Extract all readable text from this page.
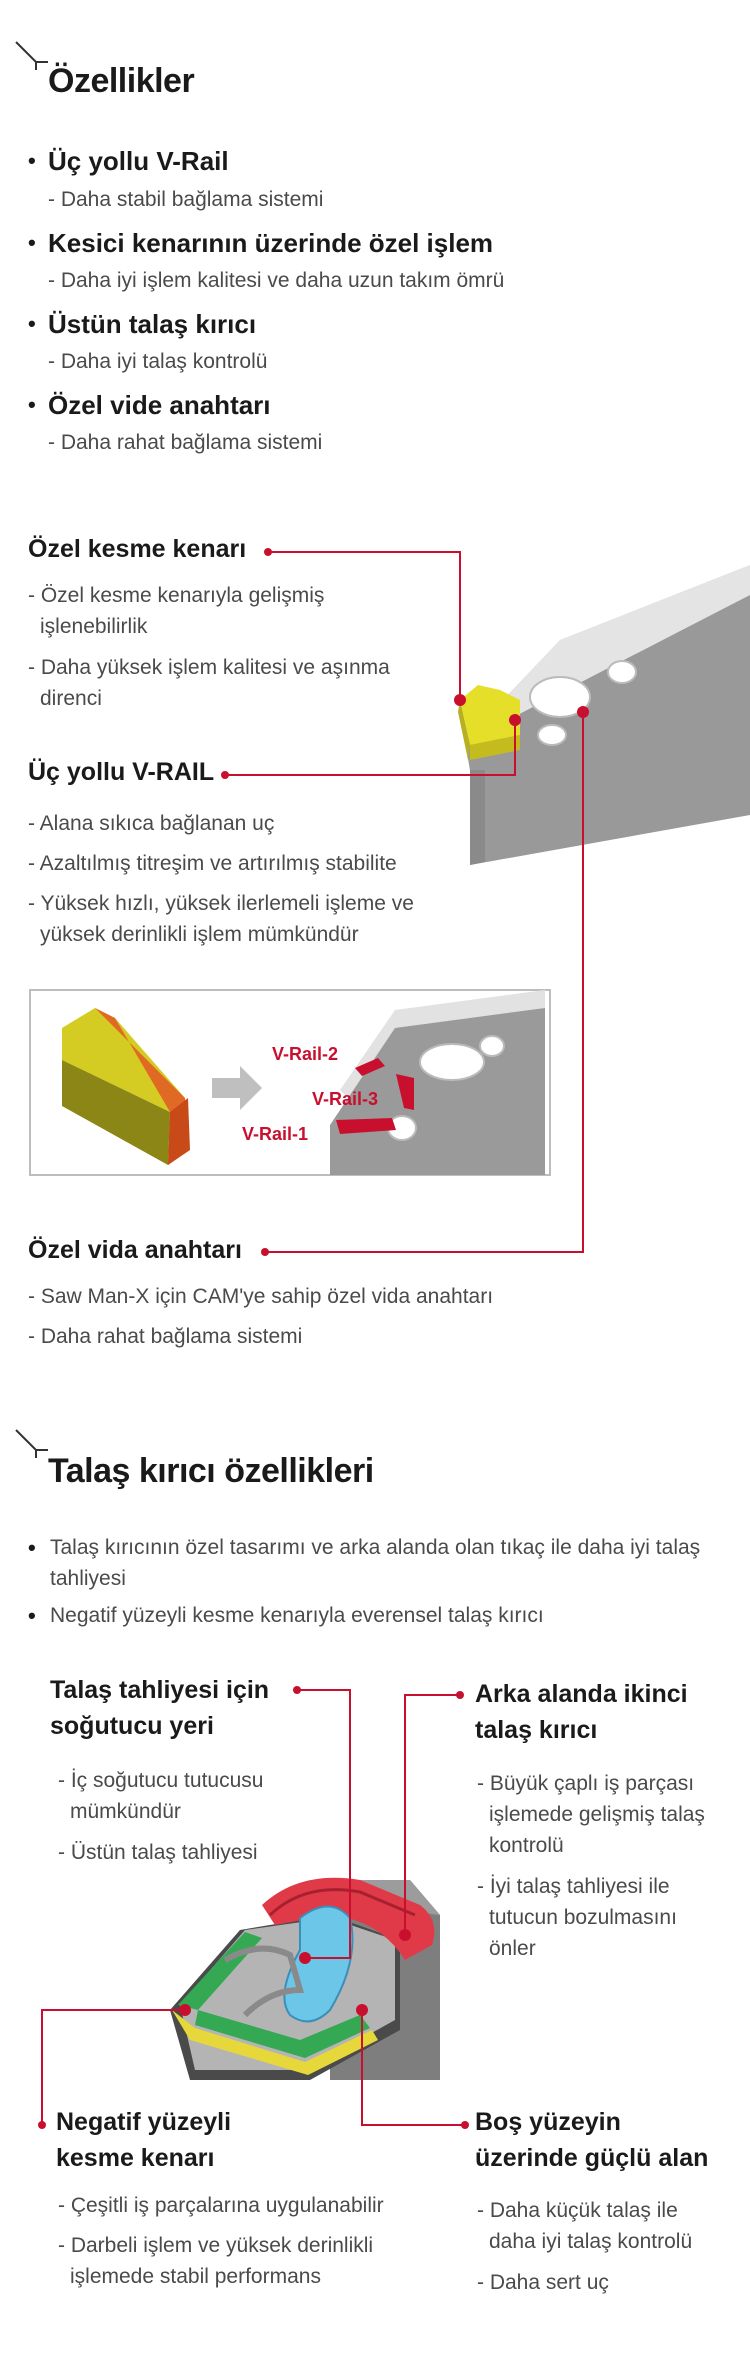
Özellikler
• Üç yollu V-Rail
- Daha stabil bağlama sistemi
• Kesici kenarının üzerinde özel işlem
- Daha iyi işlem kalitesi ve daha uzun takım ömrü
• Üstün talaş kırıcı
- Daha iyi talaş kontrolü
• Özel vide anahtarı
- Daha rahat bağlama sistemi
Özel kesme kenarı
- Özel kesme kenarıyla gelişmiş
işlenebilirlik
- Daha yüksek işlem kalitesi ve aşınma
direnci
Üç yollu V-RAIL
- Alana sıkıca bağlanan uç
- Azaltılmış titreşim ve artırılmış stabilite
- Yüksek hızlı, yüksek ilerlemeli işleme ve
yüksek derinlikli işlem mümkündür
V-Rail-2
V-Rail-3
V-Rail-1
Özel vida anahtarı
- Saw Man-X için CAM'ye sahip özel vida anahtarı
- Daha rahat bağlama sistemi
Talaş kırıcı özellikleri
• Talaş kırıcının özel tasarımı ve arka alanda olan tıkaç ile daha iyi talaş
tahliyesi
• Negatif yüzeyli kesme kenarıyla everensel talaş kırıcı
Talaş tahliyesi için
soğutucu yeri
- İç soğutucu tutucusu
mümkündür
- Üstün talaş tahliyesi
Arka alanda ikinci
talaş kırıcı
- Büyük çaplı iş parçası
işlemede gelişmiş talaş
kontrolü
- İyi talaş tahliyesi ile
tutucun bozulmasını
önler
Negatif yüzeyli
kesme kenarı
- Çeşitli iş parçalarına uygulanabilir
- Darbeli işlem ve yüksek derinlikli
işlemede stabil performans
Boş yüzeyin
üzerinde güçlü alan
- Daha küçük talaş ile
daha iyi talaş kontrolü
- Daha sert uç
